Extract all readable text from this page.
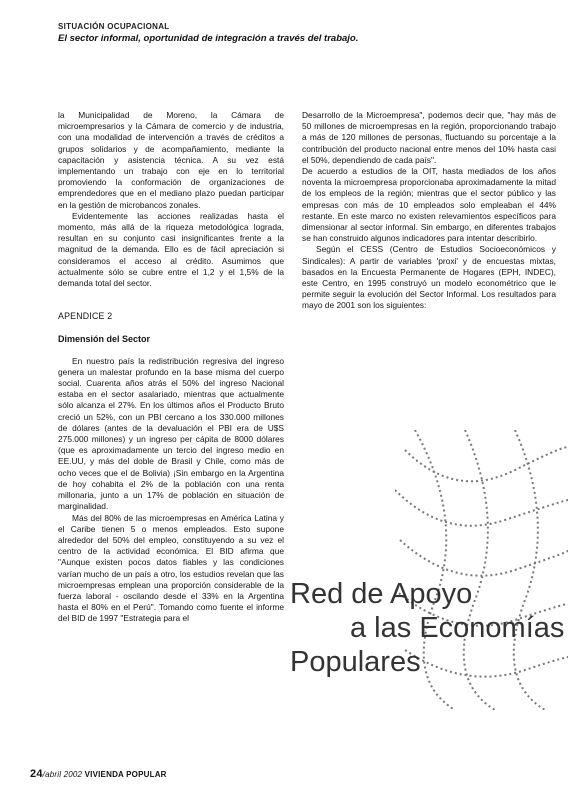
SITUACIÓN OCUPACIONAL
El sector informal, oportunidad de integración a través del trabajo.

la Municipalidad de Moreno, la Cámara de microempresarios y la Cámara de comercio y de industria, con una modalidad de intervención a través de créditos a grupos solidarios y de acompañamiento, mediante la capacitación y asistencia técnica. A su vez está implementando un trabajo con eje en lo territorial promoviendo la conformación de organizaciones de emprendedores que en el mediano plazo puedan participar en la gestión de microbancos zonales.

Evidentemente las acciones realizadas hasta el momento, más allá de la riqueza metodológica lograda, resultan en su conjunto casi insignificantes frente a la magnitud de la demanda. Ello es de fácil apreciación si consideramos el acceso al crédito. Asumimos que actualmente sólo se cubre entre el 1,2 y el 1,5% de la demanda total del sector.

APENDICE 2
Dimensión del Sector

En nuestro país la redistribución regresiva del ingreso genera un malestar profundo en la base misma del cuerpo social. Cuarenta años atrás el 50% del ingreso Nacional estaba en el sector asalariado, mientras que actualmente sólo alcanza el 27%. En los últimos años el Producto Bruto creció un 52%, con un PBI cercano a los 330.000 millones de dólares (antes de la devaluación el PBI era de U$S 275.000 millones) y un ingreso per cápita de 8000 dólares (que es aproximadamente un tercio del ingreso medio en EE.UU, y más del doble de Brasil y Chile, como más de ocho veces que el de Bolivia) ¡Sin embargo en la Argentina de hoy cohabita el 2% de la población con una renta millonaria, junto a un 17% de población en situación de marginalidad.

Más del 80% de las microempresas en América Latina y el Caribe tienen 5 o menos empleados. Esto supone alrededor del 50% del empleo, constituyendo a su vez el centro de la actividad económica. El BID afirma que "Aunque existen pocos datos fiables y las condiciones varían mucho de un país a otro, los estudios revelan que las microempresas emplean una proporción considerable de la fuerza laboral - oscilando desde el 33% en la Argentina hasta el 80% en el Perú". Tomando como fuente el informe del BID de 1997 "Estrategia para el

Desarrollo de la Microempresa", podemos decir que, "hay más de 50 millones de microempresas en la región, proporcionando trabajo a más de 120 millones de personas, fluctuando su porcentaje a la contribución del producto nacional entre menos del 10% hasta casi el 50%, dependiendo de cada país".

De acuerdo a estudios de la OIT, hasta mediados de los años noventa la microempresa proporcionaba aproximadamente la mitad de los empleos de la región; mientras que el sector público y las empresas con más de 10 empleados solo empleaban el 44% restante. En este marco no existen relevamientos específicos para dimensionar al sector informal. Sin embargo, en diferentes trabajos se han construido algunos indicadores para intentar describirlo.

Según el CESS (Centro de Estudios Socioeconómicos y Sindicales): A partir de variables 'proxi' y de encuestas mixtas, basados en la Encuesta Permanente de Hogares (EPH, INDEC), este Centro, en 1995 construyó un modelo econométrico que le permite seguir la evolución del Sector Informal. Los resultados para mayo de 2001 son los siguientes:

Red de Apoyo
a las Economías
Populares
24/abril 2002 VIVIENDA POPULAR
